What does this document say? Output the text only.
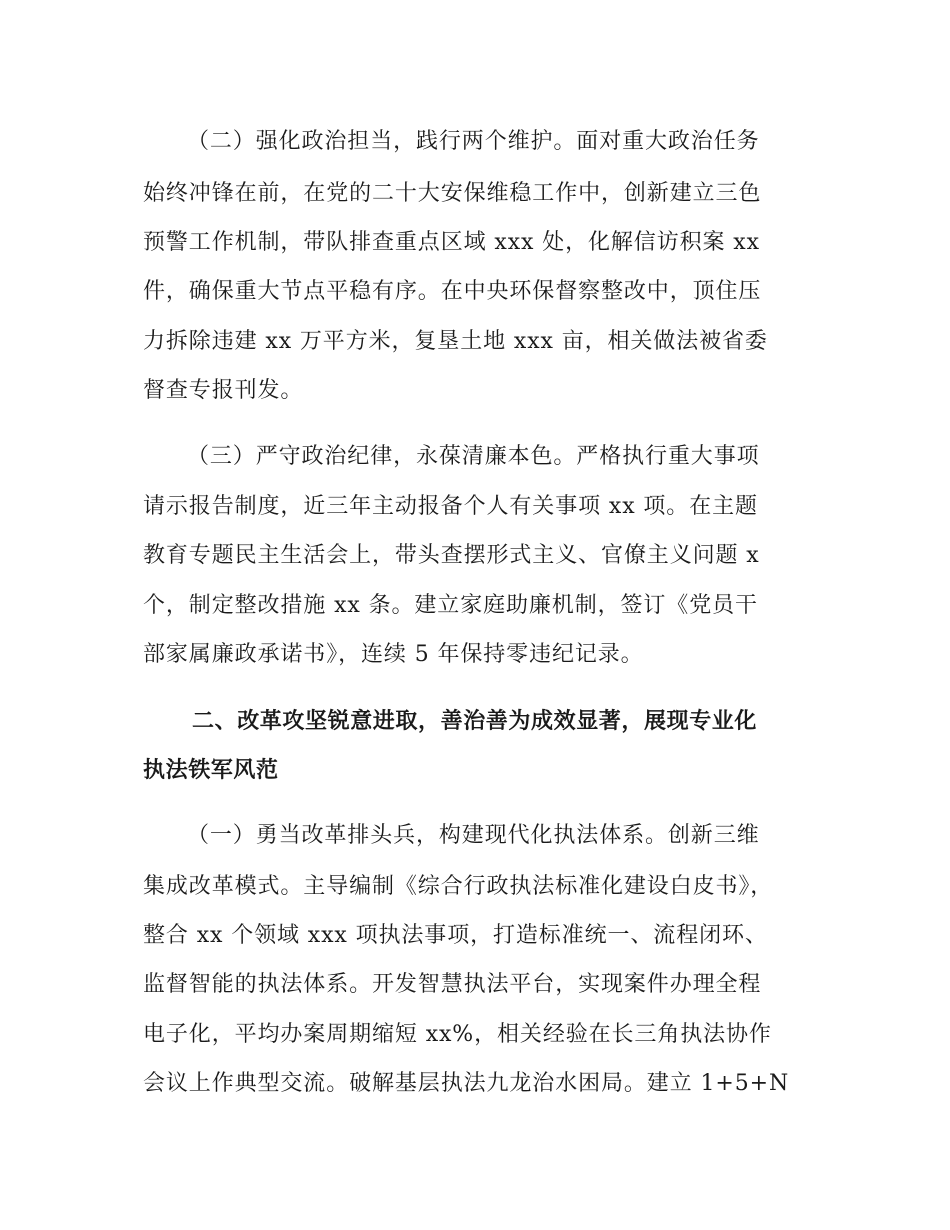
（二）强化政治担当，践行两个维护。面对重大政治任务
始终冲锋在前，在党的二十大安保维稳工作中，创新建立三色
预警工作机制，带队排查重点区域 xxx 处，化解信访积案 xx
件，确保重大节点平稳有序。在中央环保督察整改中，顶住压
力拆除违建 xx 万平方米，复垦土地 xxx 亩，相关做法被省委
督查专报刊发。
（三）严守政治纪律，永葆清廉本色。严格执行重大事项
请示报告制度，近三年主动报备个人有关事项 xx 项。在主题
教育专题民主生活会上，带头查摆形式主义、官僚主义问题 x
个，制定整改措施 xx 条。建立家庭助廉机制，签订《党员干
部家属廉政承诺书》，连续 5 年保持零违纪记录。
二、改革攻坚锐意进取，善治善为成效显著，展现专业化
执法铁军风范
（一）勇当改革排头兵，构建现代化执法体系。创新三维
集成改革模式。主导编制《综合行政执法标准化建设白皮书》，
整合 xx 个领域 xxx 项执法事项，打造标准统一、流程闭环、
监督智能的执法体系。开发智慧执法平台，实现案件办理全程
电子化，平均办案周期缩短 xx%，相关经验在长三角执法协作
会议上作典型交流。破解基层执法九龙治水困局。建立 1+5+N
